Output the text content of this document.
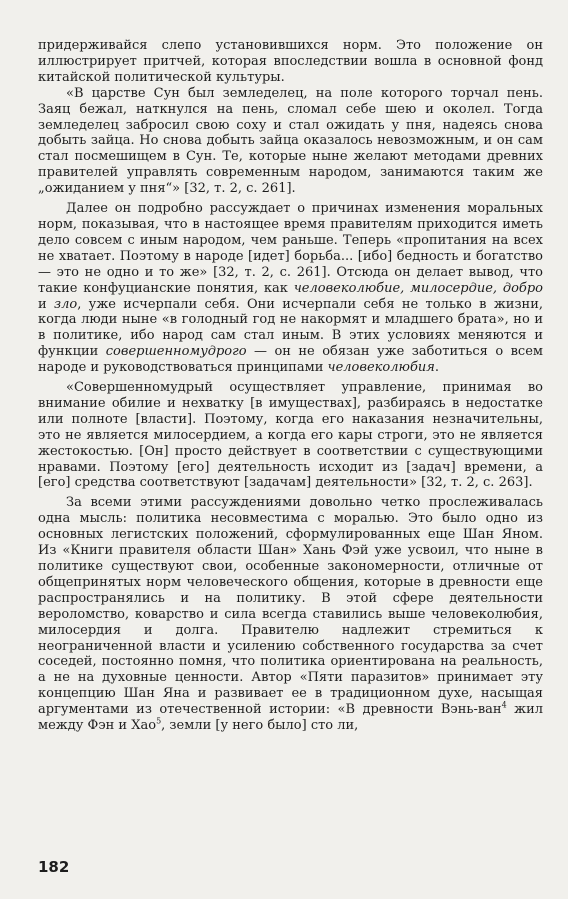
придерживайся слепо установившихся норм. Это положение он иллюстрирует притчей, которая впоследствии вошла в основной фонд китайской политической культуры.

«В царстве Сун был земледелец, на поле которого торчал пень. Заяц бежал, наткнулся на пень, сломал себе шею и околел. Тогда земледелец забросил свою соху и стал ожидать у пня, надеясь снова добыть зайца. Но снова добыть зайца оказалось невозможным, и он сам стал посмешищем в Сун. Те, которые ныне желают методами древних правителей управлять современным народом, занимаются таким же „ожиданием у пня“» [32, т. 2, с. 261].

Далее он подробно рассуждает о причинах изменения моральных норм, показывая, что в настоящее время правителям приходится иметь дело совсем с иным народом, чем раньше. Теперь «пропитания на всех не хватает. Поэтому в народе [идет] борьба... [ибо] бедность и богатство — это не одно и то же» [32, т. 2, с. 261]. Отсюда он делает вывод, что такие конфуцианские понятия, как человеколюбие, милосердие, добро и зло, уже исчерпали себя. Они исчерпали себя не только в жизни, когда люди ныне «в голодный год не накормят и младшего брата», но и в политике, ибо народ сам стал иным. В этих условиях меняются и функции совершенномудрого — он не обязан уже заботиться о всем народе и руководствоваться принципами человеколюбия.

«Совершенномудрый осуществляет управление, принимая во внимание обилие и нехватку [в имуществах], разбираясь в недостатке или полноте [власти]. Поэтому, когда его наказания незначительны, это не является милосердием, а когда его кары строги, это не является жестокостью. [Он] просто действует в соответствии с существующими нравами. Поэтому [его] деятельность исходит из [задач] времени, а [его] средства соответствуют [задачам] деятельности» [32, т. 2, с. 263].

За всеми этими рассуждениями довольно четко прослеживалась одна мысль: политика несовместима с моралью. Это было одно из основных легистских положений, сформулированных еще Шан Яном. Из «Книги правителя области Шан» Хань Фэй уже усвоил, что ныне в политике существуют свои, особенные закономерности, отличные от общепринятых норм человеческого общения, которые в древности еще распространялись и на политику. В этой сфере деятельности вероломство, коварство и сила всегда ставились выше человеколюбия, милосердия и долга. Правителю надлежит стремиться к неограниченной власти и усилению собственного государства за счет соседей, постоянно помня, что политика ориентирована на реальность, а не на духовные ценности. Автор «Пяти паразитов» принимает эту концепцию Шан Яна и развивает ее в традиционном духе, насыщая аргументами из отечественной истории: «В древности Вэнь-ван$^4$ жил между Фэн и Хао$^5$, земли [у него было] сто ли,

182
